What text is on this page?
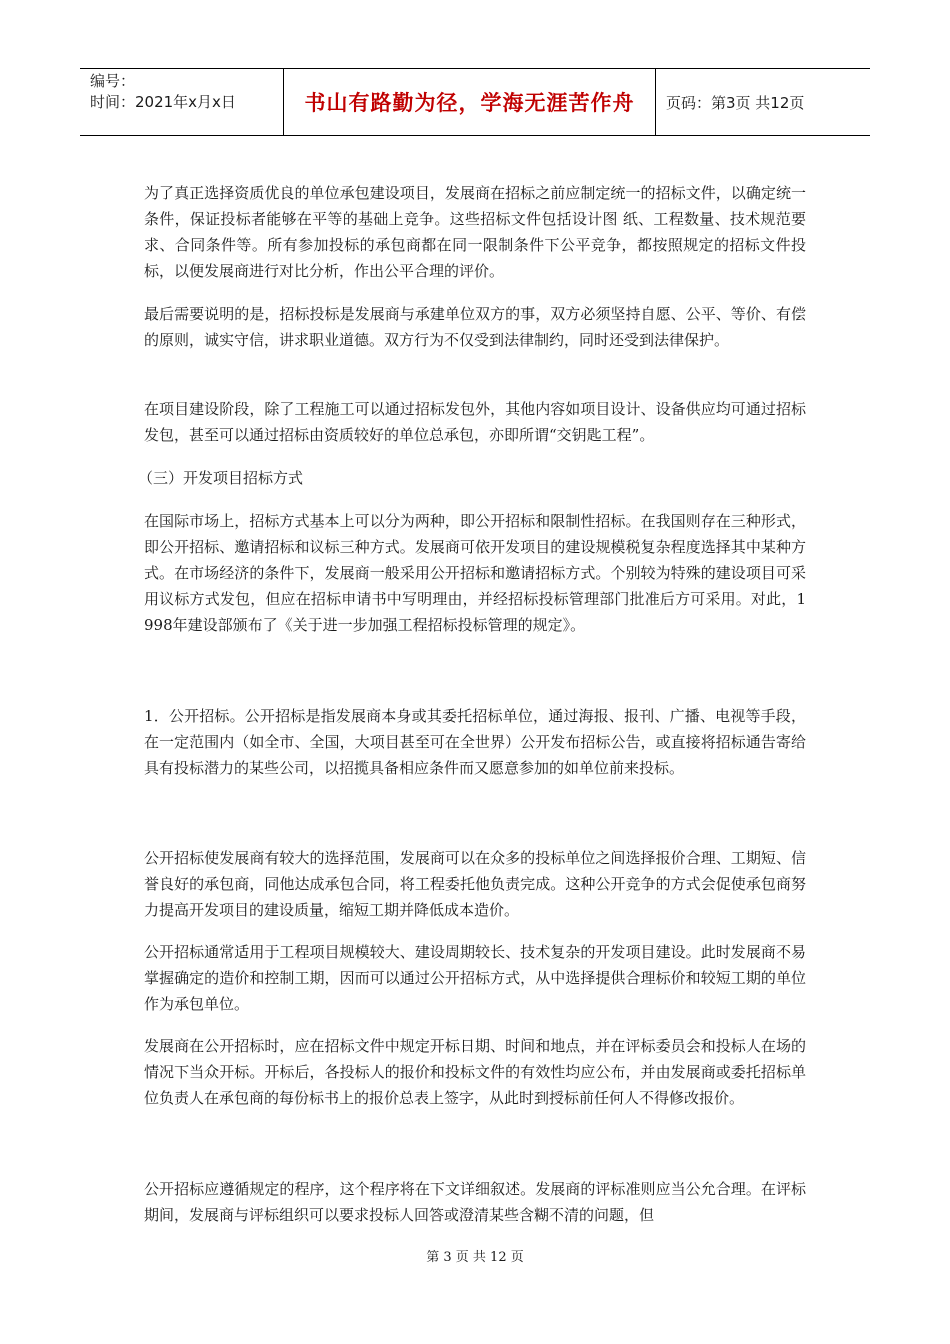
编号：
时间：2021年x月x日	书山有路勤为径，学海无涯苦作舟	页码：第3页 共12页

为了真正选择资质优良的单位承包建设项目，发展商在招标之前应制定统一的招标文件，以确定统一条件，保证投标者能够在平等的基础上竞争。这些招标文件包括设计图 纸、工程数量、技术规范要求、合同条件等。所有参加投标的承包商都在同一限制条件下公平竞争，都按照规定的招标文件投标，以便发展商进行对比分析，作出公平合理的评价。

最后需要说明的是，招标投标是发展商与承建单位双方的事，双方必须坚持自愿、公平、等价、有偿的原则，诚实守信，讲求职业道德。双方行为不仅受到法律制约，同时还受到法律保护。

在项目建设阶段，除了工程施工可以通过招标发包外，其他内容如项目设计、设备供应均可通过招标发包，甚至可以通过招标由资质较好的单位总承包，亦即所谓“交钥匙工程”。

（三）开发项目招标方式

在国际市场上，招标方式基本上可以分为两种，即公开招标和限制性招标。在我国则存在三种形式，即公开招标、邀请招标和议标三种方式。发展商可依开发项目的建设规模税复杂程度选择其中某种方式。在市场经济的条件下，发展商一般采用公开招标和邀请招标方式。个别较为特殊的建设项目可采用议标方式发包，但应在招标申请书中写明理由，并经招标投标管理部门批准后方可采用。对此，1998年建设部颁布了《关于进一步加强工程招标投标管理的规定》。

1．公开招标。公开招标是指发展商本身或其委托招标单位，通过海报、报刊、广播、电视等手段，在一定范围内（如全市、全国，大项目甚至可在全世界）公开发布招标公告，或直接将招标通告寄给具有投标潜力的某些公司，以招揽具备相应条件而又愿意参加的如单位前来投标。

公开招标使发展商有较大的选择范围，发展商可以在众多的投标单位之间选择报价合理、工期短、信誉良好的承包商，同他达成承包合同，将工程委托他负责完成。这种公开竞争的方式会促使承包商努力提高开发项目的建设质量，缩短工期并降低成本造价。

公开招标通常适用于工程项目规模较大、建设周期较长、技术复杂的开发项目建设。此时发展商不易掌握确定的造价和控制工期，因而可以通过公开招标方式，从中选择提供合理标价和较短工期的单位作为承包单位。

发展商在公开招标时，应在招标文件中规定开标日期、时间和地点，并在评标委员会和投标人在场的情况下当众开标。开标后，各投标人的报价和投标文件的有效性均应公布，并由发展商或委托招标单位负责人在承包商的每份标书上的报价总表上签字，从此时到授标前任何人不得修改报价。

公开招标应遵循规定的程序，这个程序将在下文详细叙述。发展商的评标准则应当公允合理。在评标期间，发展商与评标组织可以要求投标人回答或澄清某些含糊不清的问题，但

第 3 页 共 12 页
